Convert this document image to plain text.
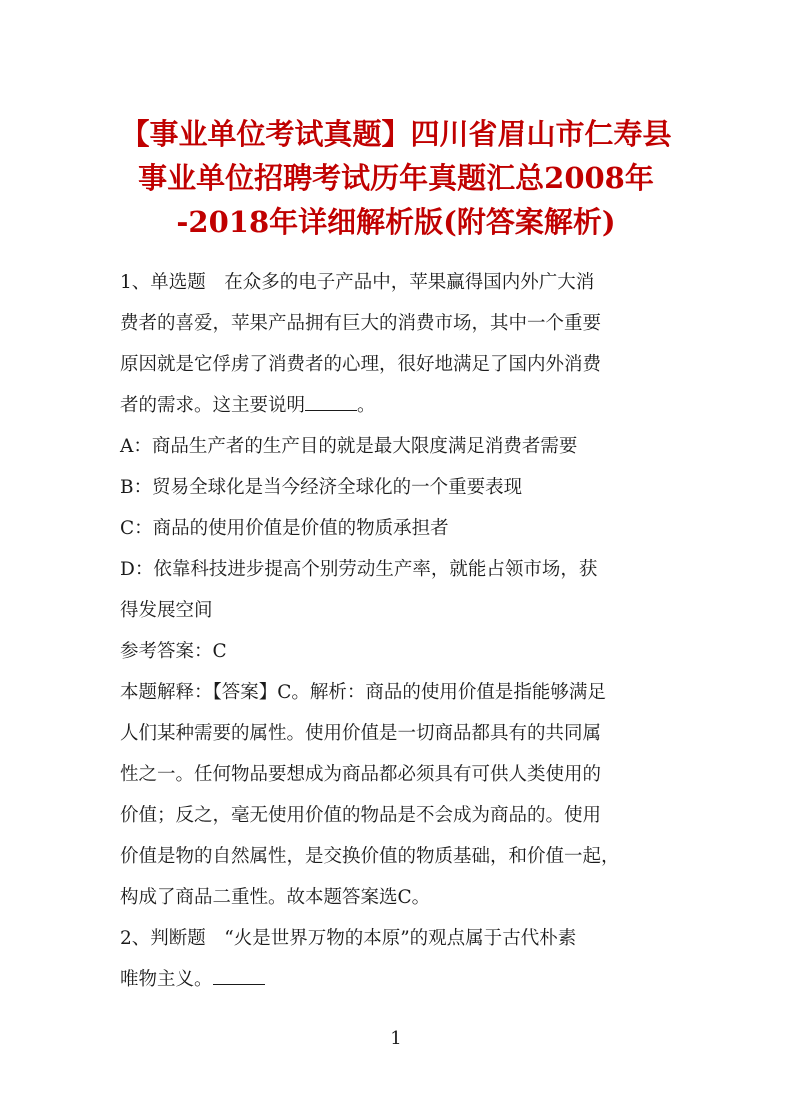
【事业单位考试真题】四川省眉山市仁寿县
事业单位招聘考试历年真题汇总2008年
-2018年详细解析版(附答案解析)
1、单选题　在众多的电子产品中，苹果赢得国内外广大消
费者的喜爱，苹果产品拥有巨大的消费市场，其中一个重要
原因就是它俘虏了消费者的心理，很好地满足了国内外消费
者的需求。这主要说明	。
A：商品生产者的生产目的就是最大限度满足消费者需要
B：贸易全球化是当今经济全球化的一个重要表现
C：商品的使用价值是价值的物质承担者
D：依靠科技进步提高个别劳动生产率，就能占领市场，获
得发展空间
参考答案：C
本题解释：【答案】C。解析：商品的使用价值是指能够满足
人们某种需要的属性。使用价值是一切商品都具有的共同属
性之一。任何物品要想成为商品都必须具有可供人类使用的
价值；反之，毫无使用价值的物品是不会成为商品的。使用
价值是物的自然属性，是交换价值的物质基础，和价值一起，
构成了商品二重性。故本题答案选C。
2、判断题　“火是世界万物的本原”的观点属于古代朴素
唯物主义。
1
